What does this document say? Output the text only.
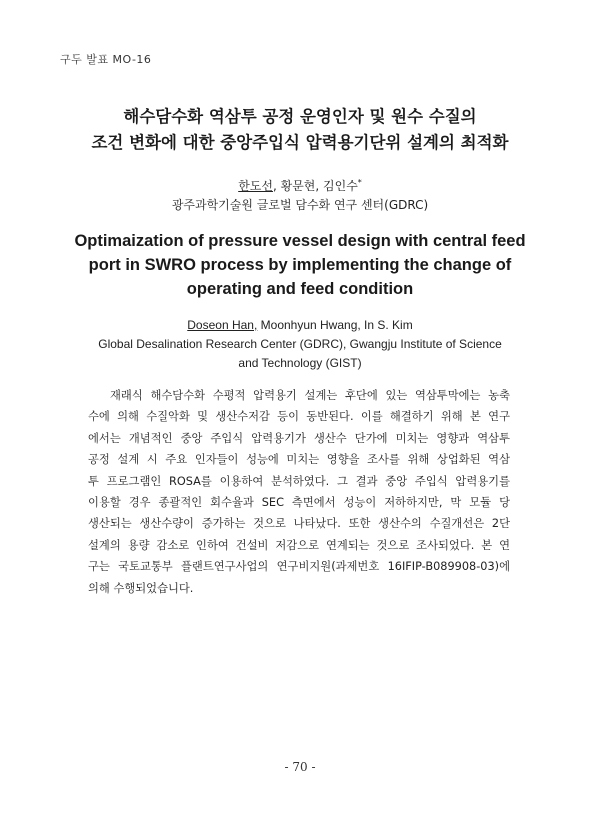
구두 발표 MO-16
해수담수화 역삼투 공정 운영인자 및 원수 수질의
조건 변화에 대한 중앙주입식 압력용기단위 설계의 최적화
한도선, 황문현, 김인수*
광주과학기술원 글로벌 담수화 연구 센터(GDRC)
Optimaization of pressure vessel design with central feed
port in SWRO process by implementing the change of
operating and feed condition
Doseon Han, Moonhyun Hwang, In S. Kim
Global Desalination Research Center (GDRC), Gwangju Institute of Science
and Technology (GIST)
재래식 해수담수화 수평적 압력용기 설계는 후단에 있는 역삼투막에는 농축
수에 의해 수질악화 및 생산수저감 등이 동반된다. 이를 해결하기 위해 본 연구
에서는 개념적인 중앙 주입식 압력용기가 생산수 단가에 미치는 영향과 역삼투
공정 설계 시 주요 인자들이 성능에 미치는 영향을 조사를 위해 상업화된 역삼
투 프로그램인 ROSA를 이용하여 분석하였다. 그 결과 중앙 주입식 압력용기를
이용할 경우 종괄적인 회수율과 SEC 측면에서 성능이 저하하지만, 막 모듈 당
생산되는 생산수량이 증가하는 것으로 나타났다. 또한 생산수의 수질개선은 2단
설계의 용량 감소로 인하여 건설비 저감으로 연계되는 것으로 조사되었다. 본 연
구는 국토교통부 플랜트연구사업의 연구비지원(과제번호 16IFIP-B089908-03)에
의해 수행되었습니다.
- 70 -
